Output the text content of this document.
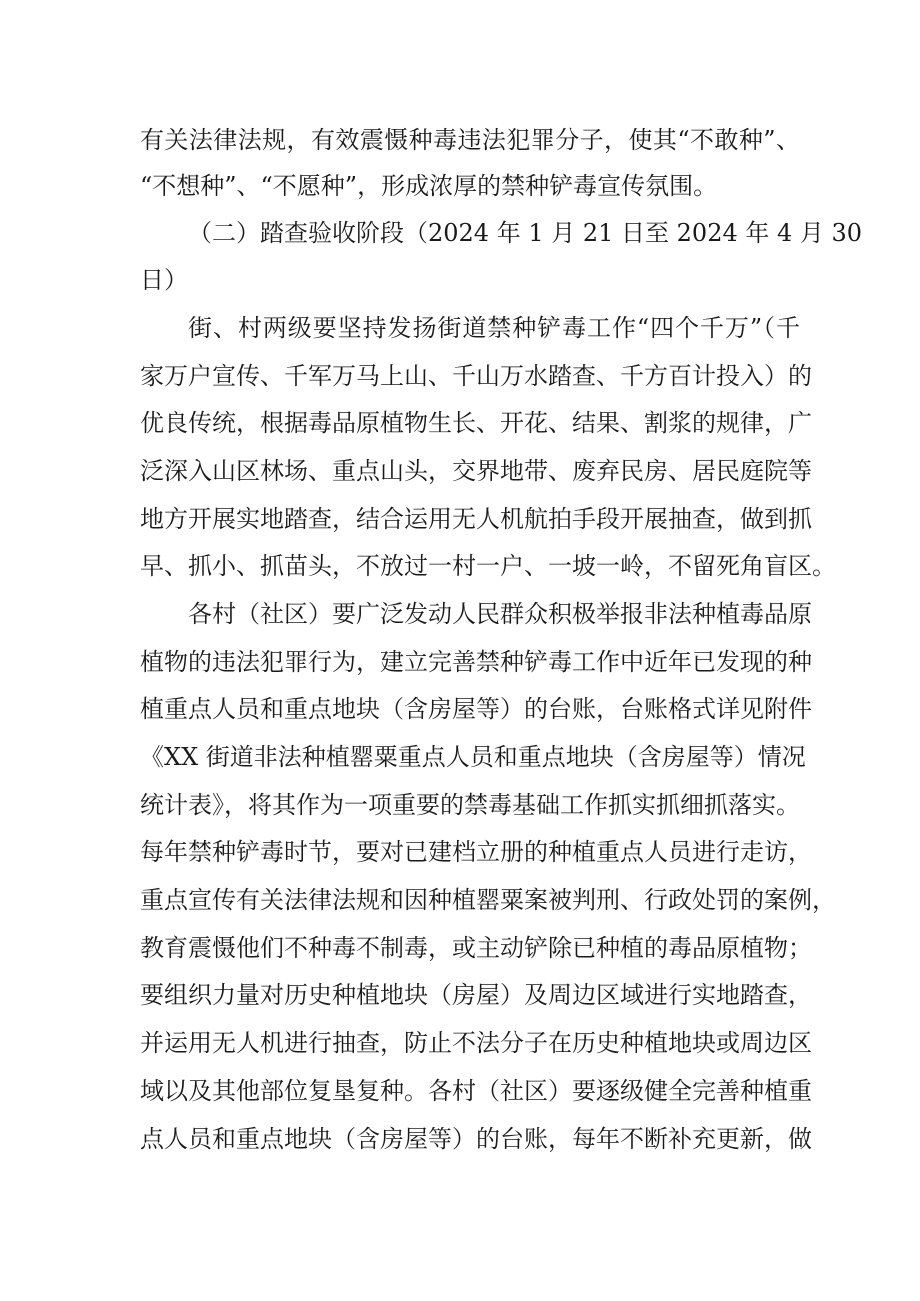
有关法律法规，有效震慑种毒违法犯罪分子，使其“不敢种”、
“不想种”、“不愿种”，形成浓厚的禁种铲毒宣传氛围。
（二）踏查验收阶段（2024 年 1 月 21 日至 2024 年 4 月 30
日）
街、村两级要坚持发扬街道禁种铲毒工作“四个千万”（千
家万户宣传、千军万马上山、千山万水踏查、千方百计投入）的
优良传统，根据毒品原植物生长、开花、结果、割浆的规律，广
泛深入山区林场、重点山头，交界地带、废弃民房、居民庭院等
地方开展实地踏查，结合运用无人机航拍手段开展抽查，做到抓
早、抓小、抓苗头，不放过一村一户、一坡一岭，不留死角盲区。
各村（社区）要广泛发动人民群众积极举报非法种植毒品原
植物的违法犯罪行为，建立完善禁种铲毒工作中近年已发现的种
植重点人员和重点地块（含房屋等）的台账，台账格式详见附件
《XX 街道非法种植罂粟重点人员和重点地块（含房屋等）情况
统计表》，将其作为一项重要的禁毒基础工作抓实抓细抓落实。
每年禁种铲毒时节，要对已建档立册的种植重点人员进行走访，
重点宣传有关法律法规和因种植罂粟案被判刑、行政处罚的案例，
教育震慑他们不种毒不制毒，或主动铲除已种植的毒品原植物；
要组织力量对历史种植地块（房屋）及周边区域进行实地踏查，
并运用无人机进行抽查，防止不法分子在历史种植地块或周边区
域以及其他部位复垦复种。各村（社区）要逐级健全完善种植重
点人员和重点地块（含房屋等）的台账，每年不断补充更新，做
